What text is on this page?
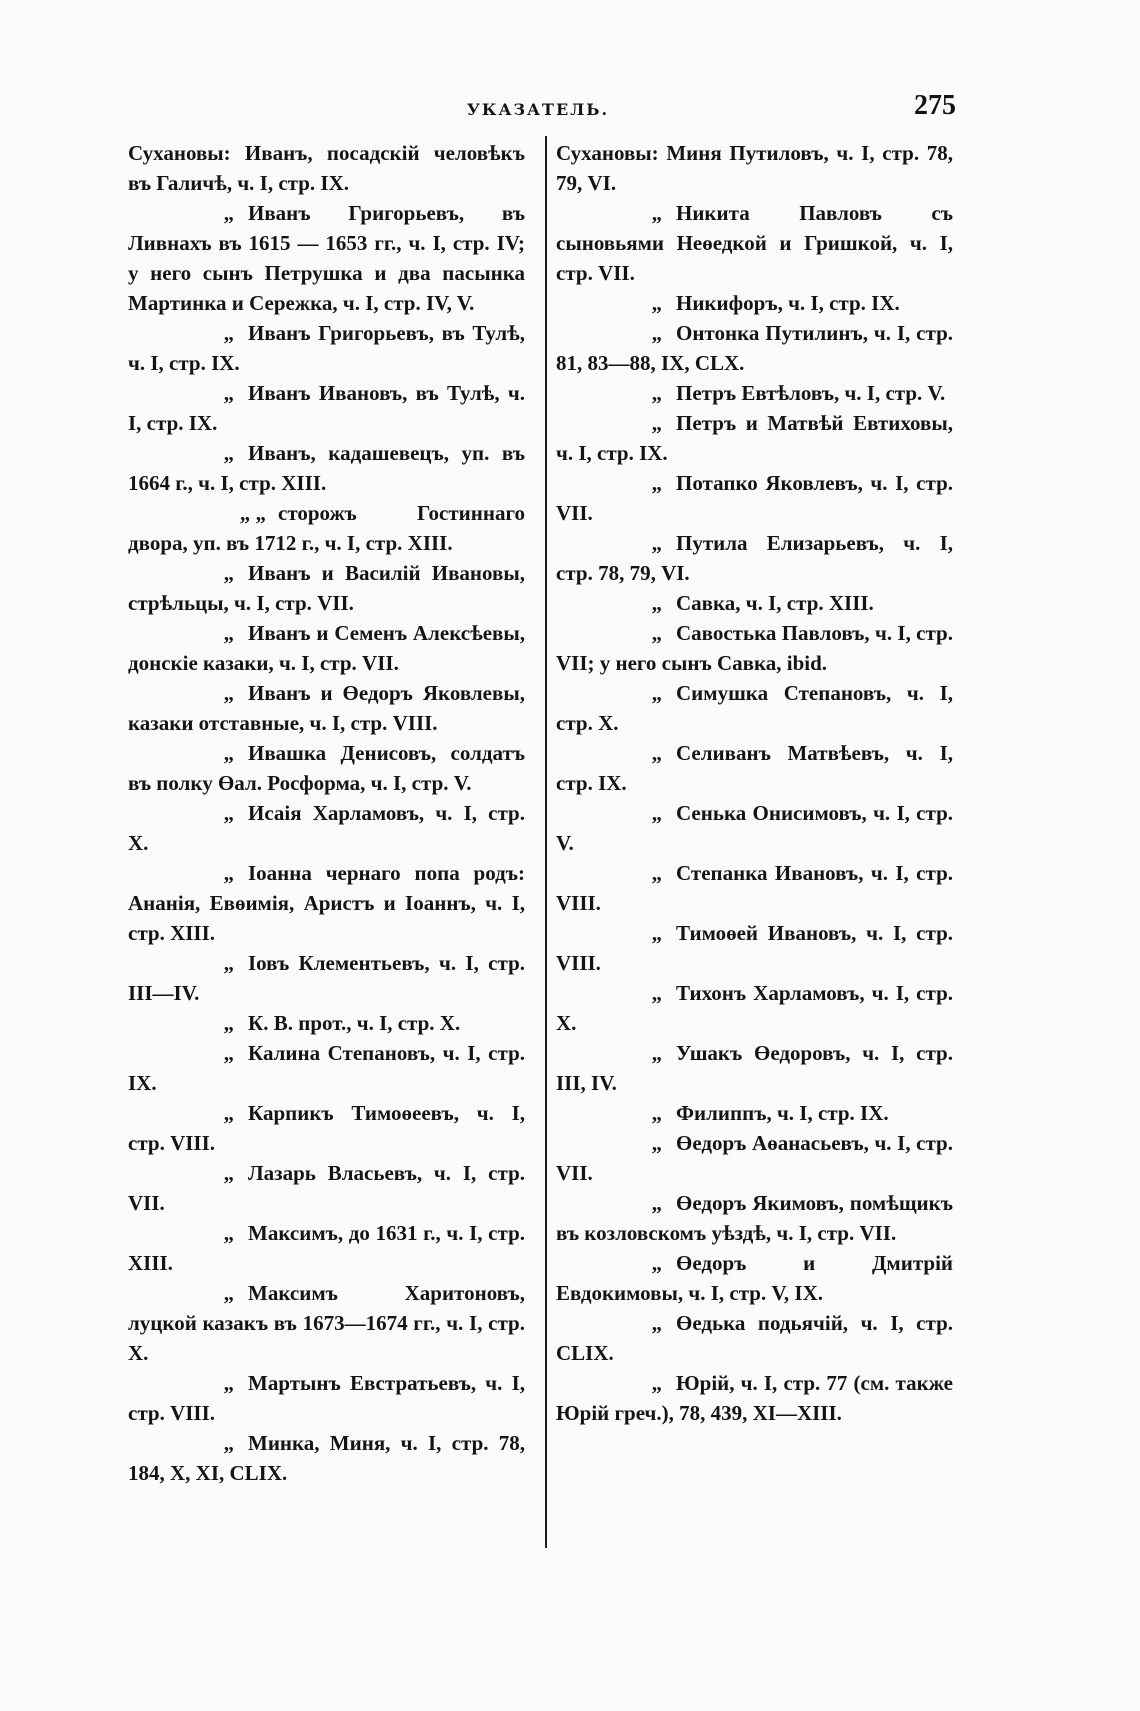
УКАЗАТЕЛЬ.	275

Сухановы: Иванъ, посадскiй человѣкъ въ Галичѣ, ч. I, стр. IX.

„ Иванъ Григорьевъ, въ Ливнахъ въ 1615 — 1653 гг., ч. I, стр. IV; у него сынъ Петрушка и два пасынка Мартинка и Сережка, ч. I, стр. IV, V.

„ Иванъ Григорьевъ, въ Тулѣ, ч. I, стр. IX.

„ Иванъ Ивановъ, въ Тулѣ, ч. I, стр. IX.

„ Иванъ, кадашевецъ, уп. въ 1664 г., ч. I, стр. XIII.

„ „ сторожъ Гостиннаго двора, уп. въ 1712 г., ч. I, стр. XIII.

„ Иванъ и Василiй Ивановы, стрѣльцы, ч. I, стр. VII.

„ Иванъ и Семенъ Алексѣевы, донскiе казаки, ч. I, стр. VII.

„ Иванъ и Өедоръ Яковлевы, казаки отставные, ч. I, стр. VIII.

„ Ивашка Денисовъ, солдатъ въ полку Өал. Росформа, ч. I, стр. V.

„ Исаiя Харламовъ, ч. I, стр. X.

„ Iоанна чернаго попа родъ: Ананiя, Евөимiя, Аристъ и Iоаннъ, ч. I, стр. XIII.

„ Iовъ Клементьевъ, ч. I, стр. III—IV.

„ К. В. прот., ч. I, стр. X.

„ Калина Степановъ, ч. I, стр. IX.

„ Карпикъ Тимоөеевъ, ч. I, стр. VIII.

„ Лазарь Власьевъ, ч. I, стр. VII.

„ Максимъ, до 1631 г., ч. I, стр. XIII.

„ Максимъ Харитоновъ, луцкой казакъ въ 1673—1674 гг., ч. I, стр. X.

„ Мартынъ Евстратьевъ, ч. I, стр. VIII.

„ Минка, Миня, ч. I, стр. 78, 184, X, XI, CLIX.

Сухановы: Миня Путиловъ, ч. I, стр. 78, 79, VI.

„ Никита Павловъ съ сыновьями Неөедкой и Гришкой, ч. I, стр. VII.

„ Никифоръ, ч. I, стр. IX.

„ Онтонка Путилинъ, ч. I, стр. 81, 83—88, IX, CLX.

„ Петръ Евтѣловъ, ч. I, стр. V.

„ Петръ и Матвѣй Евтиховы, ч. I, стр. IX.

„ Потапко Яковлевъ, ч. I, стр. VII.

„ Путила Елизарьевъ, ч. I, стр. 78, 79, VI.

„ Савка, ч. I, стр. XIII.

„ Савостька Павловъ, ч. I, стр. VII; у него сынъ Савка, ibid.

„ Симушка Степановъ, ч. I, стр. X.

„ Селиванъ Матвѣевъ, ч. I, стр. IX.

„ Сенька Онисимовъ, ч. I, стр. V.

„ Степанка Ивановъ, ч. I, стр. VIII.

„ Тимоөей Ивановъ, ч. I, стр. VIII.

„ Тихонъ Харламовъ, ч. I, стр. X.

„ Ушакъ Өедоровъ, ч. I, стр. III, IV.

„ Филиппъ, ч. I, стр. IX.

„ Өедоръ Аөанасьевъ, ч. I, стр. VII.

„ Өедоръ Якимовъ, помѣщикъ въ козловскомъ уѣздѣ, ч. I, стр. VII.

„ Өедоръ и Дмитрiй Евдокимовы, ч. I, стр. V, IX.

„ Өедька подьячiй, ч. I, стр. CLIX.

„ Юрiй, ч. I, стр. 77 (см. также Юрiй греч.), 78, 439, XI—XIII.
